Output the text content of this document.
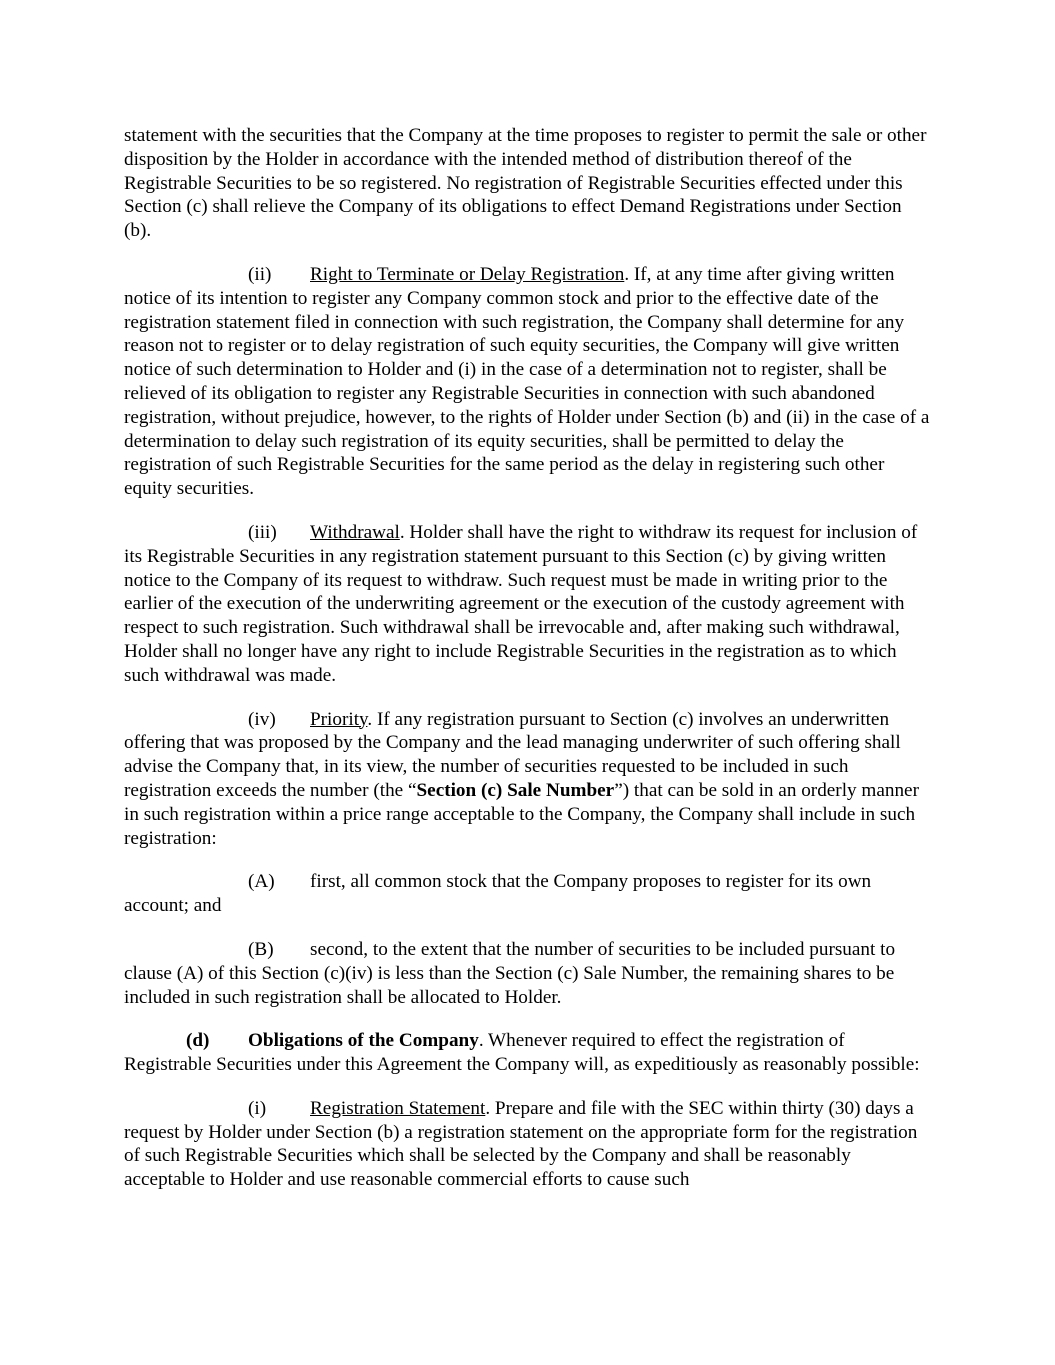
statement with the securities that the Company at the time proposes to register to permit the sale or other disposition by the Holder in accordance with the intended method of distribution thereof of the Registrable Securities to be so registered. No registration of Registrable Securities effected under this Section (c) shall relieve the Company of its obligations to effect Demand Registrations under Section (b).

(ii) Right to Terminate or Delay Registration. If, at any time after giving written notice of its intention to register any Company common stock and prior to the effective date of the registration statement filed in connection with such registration, the Company shall determine for any reason not to register or to delay registration of such equity securities, the Company will give written notice of such determination to Holder and (i) in the case of a determination not to register, shall be relieved of its obligation to register any Registrable Securities in connection with such abandoned registration, without prejudice, however, to the rights of Holder under Section (b) and (ii) in the case of a determination to delay such registration of its equity securities, shall be permitted to delay the registration of such Registrable Securities for the same period as the delay in registering such other equity securities.

(iii) Withdrawal. Holder shall have the right to withdraw its request for inclusion of its Registrable Securities in any registration statement pursuant to this Section (c) by giving written notice to the Company of its request to withdraw. Such request must be made in writing prior to the earlier of the execution of the underwriting agreement or the execution of the custody agreement with respect to such registration. Such withdrawal shall be irrevocable and, after making such withdrawal, Holder shall no longer have any right to include Registrable Securities in the registration as to which such withdrawal was made.

(iv) Priority. If any registration pursuant to Section (c) involves an underwritten offering that was proposed by the Company and the lead managing underwriter of such offering shall advise the Company that, in its view, the number of securities requested to be included in such registration exceeds the number (the “Section (c) Sale Number”) that can be sold in an orderly manner in such registration within a price range acceptable to the Company, the Company shall include in such registration:

(A) first, all common stock that the Company proposes to register for its own account; and

(B) second, to the extent that the number of securities to be included pursuant to clause (A) of this Section (c)(iv) is less than the Section (c) Sale Number, the remaining shares to be included in such registration shall be allocated to Holder.

(d) Obligations of the Company. Whenever required to effect the registration of Registrable Securities under this Agreement the Company will, as expeditiously as reasonably possible:

(i) Registration Statement. Prepare and file with the SEC within thirty (30) days a request by Holder under Section (b) a registration statement on the appropriate form for the registration of such Registrable Securities which shall be selected by the Company and shall be reasonably acceptable to Holder and use reasonable commercial efforts to cause such
